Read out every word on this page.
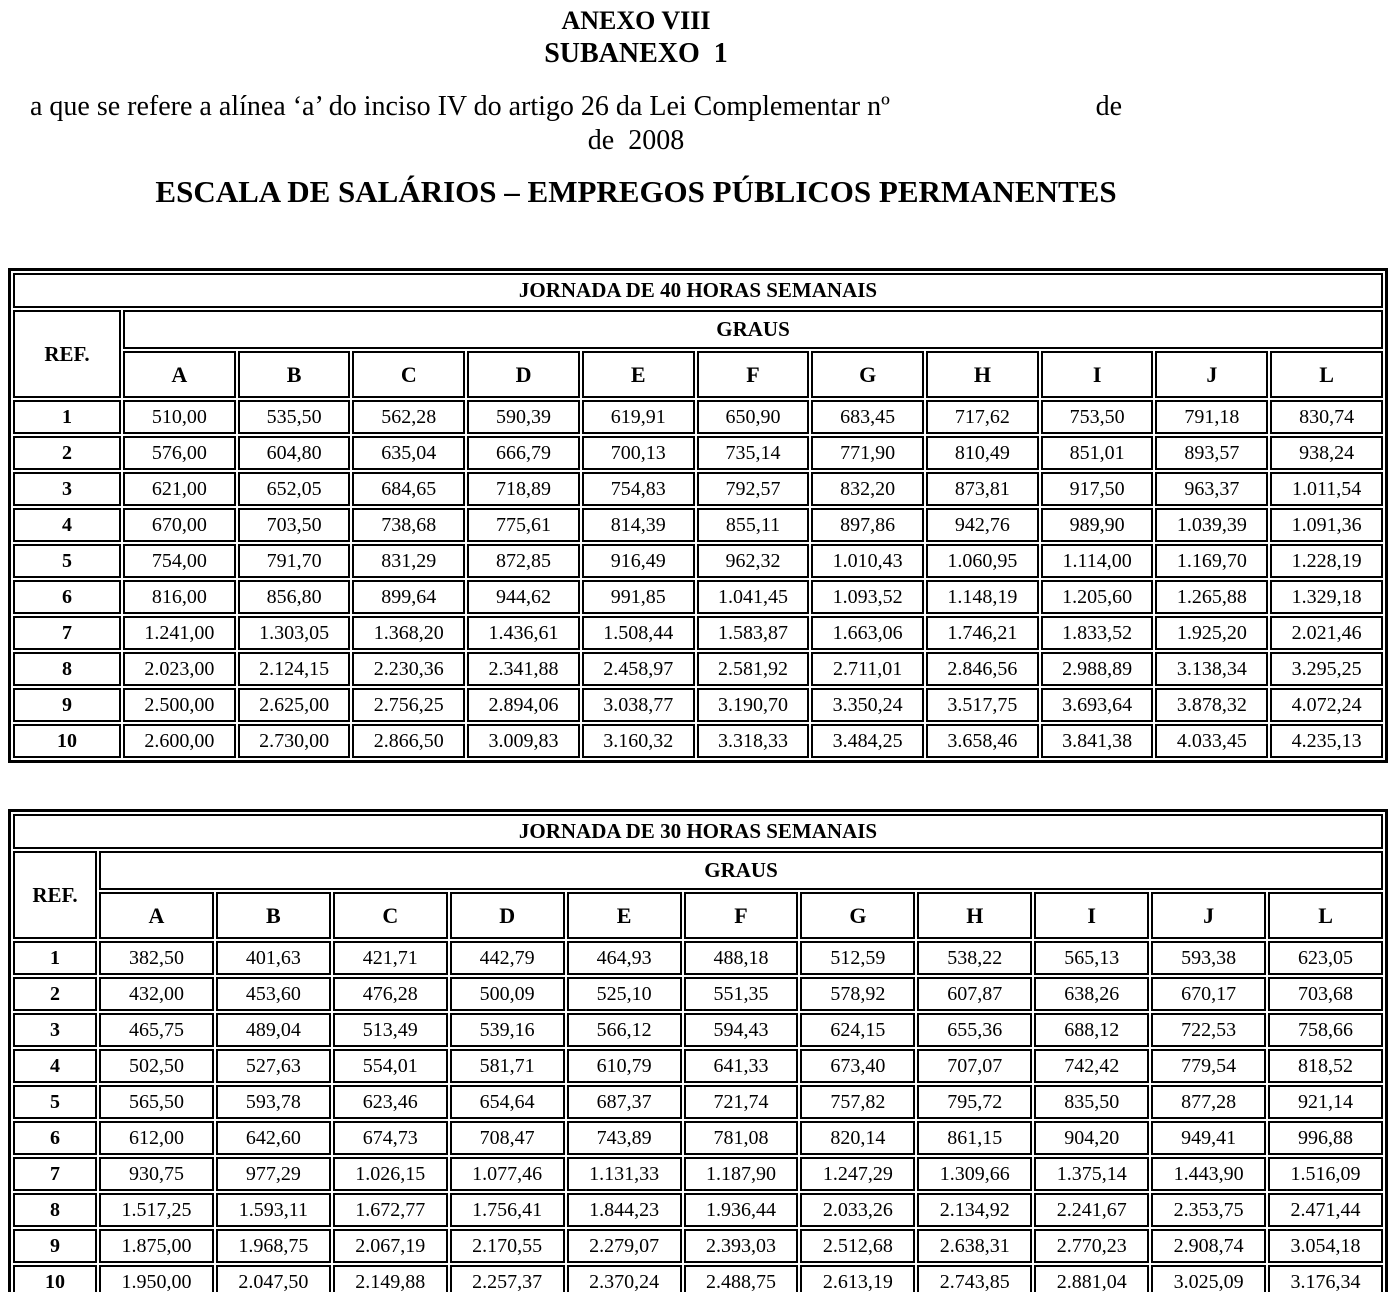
ANEXO VIII
SUBANEXO  1
a que se refere a alínea ‘a’ do inciso IV do artigo 26 da Lei Complementar nº	de
de  2008
ESCALA DE SALÁRIOS – EMPREGOS PÚBLICOS PERMANENTES
JORNADA DE 40 HORAS SEMANAIS											
REF.	GRAUS										
	A	B	C	D	E	F	G	H	I	J	L
1	510,00	535,50	562,28	590,39	619,91	650,90	683,45	717,62	753,50	791,18	830,74
2	576,00	604,80	635,04	666,79	700,13	735,14	771,90	810,49	851,01	893,57	938,24
3	621,00	652,05	684,65	718,89	754,83	792,57	832,20	873,81	917,50	963,37	1.011,54
4	670,00	703,50	738,68	775,61	814,39	855,11	897,86	942,76	989,90	1.039,39	1.091,36
5	754,00	791,70	831,29	872,85	916,49	962,32	1.010,43	1.060,95	1.114,00	1.169,70	1.228,19
6	816,00	856,80	899,64	944,62	991,85	1.041,45	1.093,52	1.148,19	1.205,60	1.265,88	1.329,18
7	1.241,00	1.303,05	1.368,20	1.436,61	1.508,44	1.583,87	1.663,06	1.746,21	1.833,52	1.925,20	2.021,46
8	2.023,00	2.124,15	2.230,36	2.341,88	2.458,97	2.581,92	2.711,01	2.846,56	2.988,89	3.138,34	3.295,25
9	2.500,00	2.625,00	2.756,25	2.894,06	3.038,77	3.190,70	3.350,24	3.517,75	3.693,64	3.878,32	4.072,24
10	2.600,00	2.730,00	2.866,50	3.009,83	3.160,32	3.318,33	3.484,25	3.658,46	3.841,38	4.033,45	4.235,13
JORNADA DE 30 HORAS SEMANAIS											
REF.	GRAUS										
	A	B	C	D	E	F	G	H	I	J	L
1	382,50	401,63	421,71	442,79	464,93	488,18	512,59	538,22	565,13	593,38	623,05
2	432,00	453,60	476,28	500,09	525,10	551,35	578,92	607,87	638,26	670,17	703,68
3	465,75	489,04	513,49	539,16	566,12	594,43	624,15	655,36	688,12	722,53	758,66
4	502,50	527,63	554,01	581,71	610,79	641,33	673,40	707,07	742,42	779,54	818,52
5	565,50	593,78	623,46	654,64	687,37	721,74	757,82	795,72	835,50	877,28	921,14
6	612,00	642,60	674,73	708,47	743,89	781,08	820,14	861,15	904,20	949,41	996,88
7	930,75	977,29	1.026,15	1.077,46	1.131,33	1.187,90	1.247,29	1.309,66	1.375,14	1.443,90	1.516,09
8	1.517,25	1.593,11	1.672,77	1.756,41	1.844,23	1.936,44	2.033,26	2.134,92	2.241,67	2.353,75	2.471,44
9	1.875,00	1.968,75	2.067,19	2.170,55	2.279,07	2.393,03	2.512,68	2.638,31	2.770,23	2.908,74	3.054,18
10	1.950,00	2.047,50	2.149,88	2.257,37	2.370,24	2.488,75	2.613,19	2.743,85	2.881,04	3.025,09	3.176,34
